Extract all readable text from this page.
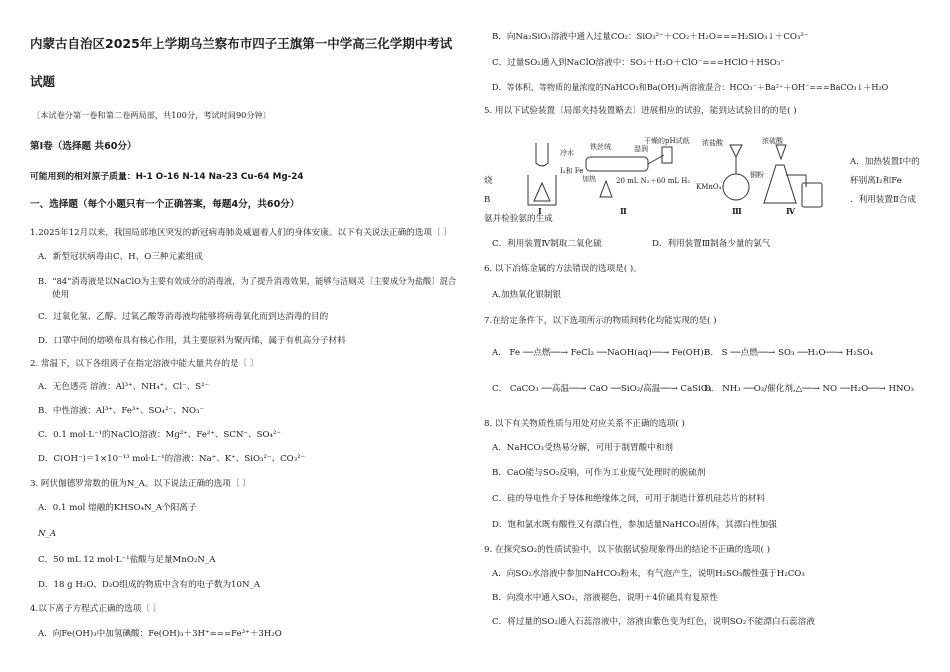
内蒙古自治区2025年上学期乌兰察布市四子王旗第一中学高三化学期中考试
试题
〔本试卷分第一卷和第二卷两局部，共100分，考试时间90分钟〕
第Ⅰ卷（选择题 共60分）
可能用到的相对原子质量：H-1 O-16 N-14 Na-23 Cu-64 Mg-24
一、选择题（每个小题只有一个正确答案，每题4分，共60分）
1.2025年12月以来，我国局部地区突发的新冠病毒肺炎威逼着人们的身体安康。以下有关说法正确的选项〔 〕
A．新型冠状病毒由C、H、O三种元素组成
B．“84”消毒液是以NaClO为主要有效成分的消毒液，为了提升消毒效果，能够与洁厕灵〔主要成分为盐酸〕混合
使用
C．过氧化氢、乙醇、过氧乙酸等消毒液均能够将病毒氧化而到达消毒的目的
D．口罩中间的熔喷布具有核心作用，其主要原料为聚丙烯，属于有机高分子材料
2. 常温下，以下各组离子在指定溶液中能大量共存的是〔 〕
A．无色透亮 溶液：Al³⁺、NH₄⁺、Cl⁻、S²⁻
B．中性溶液：Al³⁺、Fe³⁺、SO₄²⁻、NO₃⁻
C．0.1 mol·L⁻¹的NaClO溶液：Mg²⁺、Fe²⁺、SCN⁻、SO₄²⁻
D．C(OH⁻)＝1×10⁻¹³ mol·L⁻¹的溶液：Na⁺、K⁺、SiO₃²⁻、CO₃²⁻
3. 阿伏伽德罗常数的值为N_A。以下说法正确的选项〔 〕
A．0.1 mol 熔融的KHSO₄N_A个阳离子
N_A
C．50 mL 12 mol·L⁻¹盐酸与足量MnO₂N_A
D．18 g H₂O、D₂O组成的物质中含有的电子数为10N_A
4.以下离子方程式正确的选项〔 〕
A．向Fe(OH)₃中加氢碘酸：Fe(OH)₃＋3H⁺===Fe³⁺＋3H₂O
B．向Na₂SiO₃溶液中通入过量CO₂：SiO₃²⁻＋CO₂＋H₂O===H₂SiO₃↓＋CO₃²⁻
C．过量SO₂通入到NaClO溶液中：SO₂＋H₂O＋ClO⁻===HClO＋HSO₃⁻
D．等体积、等物质的量浓度的NaHCO₃和Ba(OH)₂两溶液混合：HCO₃⁻＋Ba²⁺＋OH⁻===BaCO₃↓＋H₂O
5. 用以下试验装置〔局部夹持装置略去〕进展相应的试验，能到达试验目的的是( )
冷水
I₂和 Fe
铁丝绒	湿润
干燥的pH试纸
加热	20 mL N₂＋60 mL H₂
浓盐酸
KMnO₄
浓硫酸
铜粉
Ⅰ	Ⅱ	Ⅲ	Ⅳ
A．加热装置Ⅰ中的
杯别离I₂和Fe
烧
B	．利用装置Ⅱ合成
氨并检验氨的生成
C．利用装置Ⅳ制取二氧化硫	D．利用装置Ⅲ制备少量的氯气
6. 以下冶炼金属的方法错误的选项是( )。
A.加热氧化银制银
7.在给定条件下，以下选项所示的物质间转化均能实现的是( )
A． Fe ──点燃──→ FeCl₂ ──NaOH(aq)──→ Fe(OH)₂
B． S ──点燃──→ SO₃ ──H₂O──→ H₂SO₄
C． CaCO₃ ──高温──→ CaO ──SiO₂/高温──→ CaSiO₃
D． NH₃ ──O₂/催化剂,△──→ NO ──H₂O──→ HNO₃
8. 以下有关物质性质与用处对应关系不正确的选项( )
A．NaHCO₃受热易分解，可用于制胃酸中和剂
B．CaO能与SO₂反响，可作为工业废气处理时的脱硫剂
C．硅的导电性介于导体和绝缘体之间，可用于制造计算机硅芯片的材料
D．饱和氯水既有酸性又有漂白性，参加适量NaHCO₃固体，其漂白性加强
9. 在探究SO₂的性质试验中，以下依据试验现象得出的结论不正确的选项( )
A．向SO₂水溶液中参加NaHCO₃粉末，有气泡产生，说明H₂SO₃酸性强于H₂CO₃
B．向溴水中通入SO₂，溶液褪色，说明＋4价硫具有复原性
C．将过量的SO₂通入石蕊溶液中，溶液由紫色变为红色，说明SO₂不能漂白石蕊溶液
